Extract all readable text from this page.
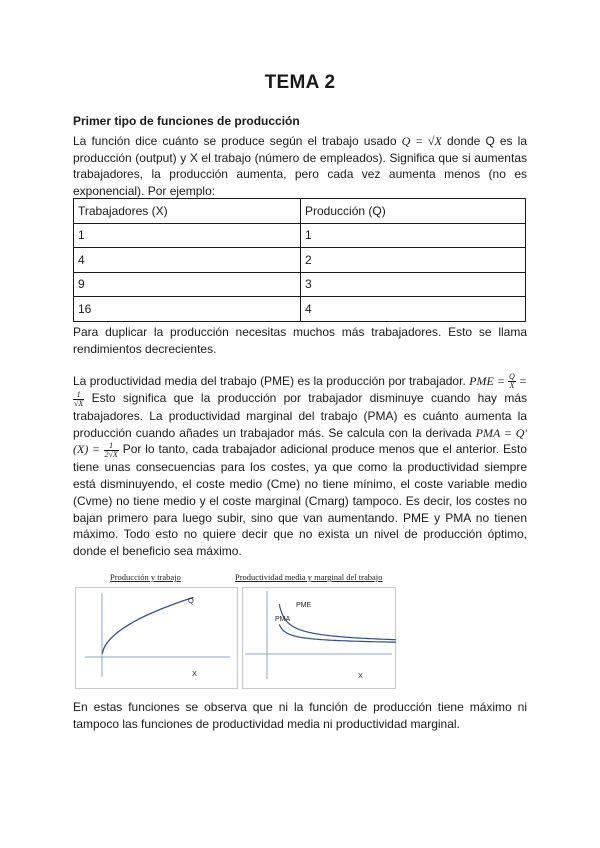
TEMA 2
Primer tipo de funciones de producción
La función dice cuánto se produce según el trabajo usado Q = √X donde Q es la producción (output) y X el trabajo (número de empleados). Significa que si aumentas trabajadores, la producción aumenta, pero cada vez aumenta menos (no es exponencial). Por ejemplo:
Trabajadores (X)	Producción (Q)
1	1
4	2
9	3
16	4
Para duplicar la producción necesitas muchos más trabajadores. Esto se llama rendimientos decrecientes.
La productividad media del trabajo (PME) es la producción por trabajador. PME = $\frac{Q}{X}$ =
$\frac{1}{√X}$ Esto significa que la producción por trabajador disminuye cuando hay más trabajadores. La productividad marginal del trabajo (PMA) es cuánto aumenta la producción cuando añades un trabajador más. Se calcula con la derivada PMA = $Q'(X) = \frac{1}{2√X}$ Por lo tanto, cada trabajador adicional produce menos que el anterior. Esto tiene unas consecuencias para los costes, ya que como la productividad siempre está disminuyendo, el coste medio (Cme) no tiene mínimo, el coste variable medio (Cvme) no tiene medio y el coste marginal (Cmarg) tampoco. Es decir, los costes no bajan primero para luego subir, sino que van aumentando. PME y PMA no tienen máximo. Todo esto no quiere decir que no exista un nivel de producción óptimo, donde el beneficio sea máximo.
Producción y trabajo	Productividad media y marginal del trabajo
Q
X
PME
PMA
X
En estas funciones se observa que ni la función de producción tiene máximo ni tampoco las funciones de productividad media ni productividad marginal.
